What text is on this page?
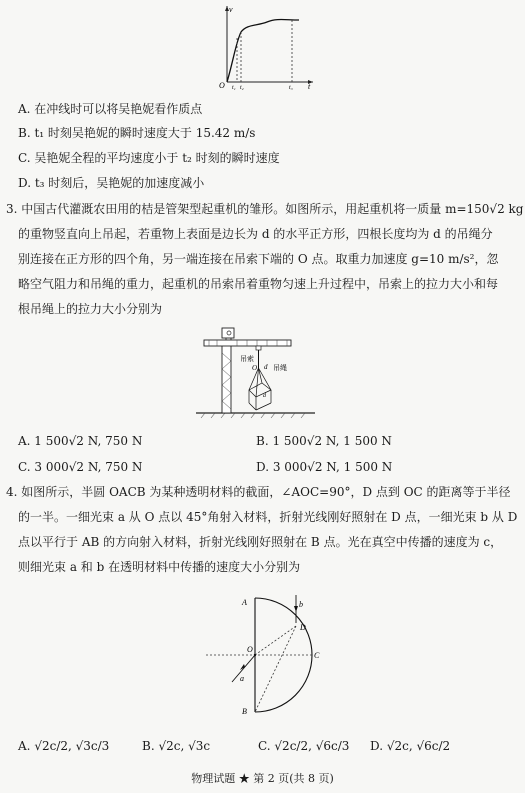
v
O	t
t₁ t₂	t₃
A. 在冲线时可以将吴艳妮看作质点
B. t₁ 时刻吴艳妮的瞬时速度大于 15.42 m/s
C. 吴艳妮全程的平均速度小于 t₂ 时刻的瞬时速度
D. t₃ 时刻后，吴艳妮的加速度减小
3. 中国古代灌溉农田用的桔是管架型起重机的雏形。如图所示，用起重机将一质量 m=150√2 kg
的重物竖直向上吊起，若重物上表面是边长为 d 的水平正方形，四根长度均为 d 的吊绳分
别连接在正方形的四个角，另一端连接在吊索下端的 O 点。取重力加速度 g=10 m/s²，忽
略空气阻力和吊绳的重力，起重机的吊索吊着重物匀速上升过程中，吊索上的拉力大小和每
根吊绳上的拉力大小分别为
吊索
吊绳
O d
d
A. 1 500√2 N, 750 N	B. 1 500√2 N, 1 500 N
C. 3 000√2 N, 750 N	D. 3 000√2 N, 1 500 N
4. 如图所示，半圆 OACB 为某种透明材料的截面，∠AOC=90°，D 点到 OC 的距离等于半径
的一半。一细光束 a 从 O 点以 45°角射入材料，折射光线刚好照射在 D 点，一细光束 b 从 D
点以平行于 AB 的方向射入材料，折射光线刚好照射在 B 点。光在真空中传播的速度为 c，
则细光束 a 和 b 在透明材料中传播的速度大小分别为
A	b
D
O
C
a
B
A. √2c/2, √3c/3	B. √2c, √3c	C. √2c/2, √6c/3 D. √2c, √6c/2
物理试题 ★ 第 2 页(共 8 页)
